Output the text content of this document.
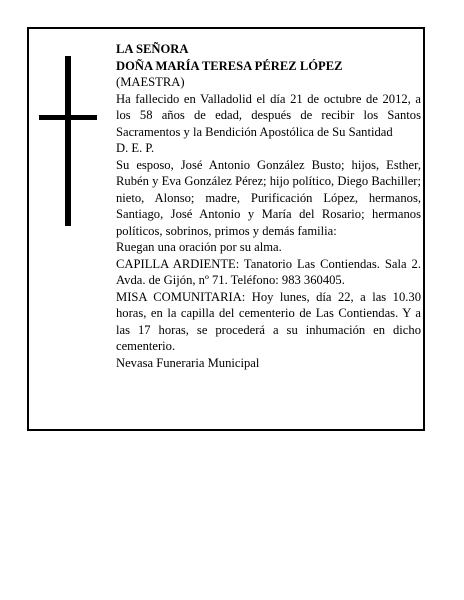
LA SEÑORA

DOÑA MARÍA TERESA PÉREZ LÓPEZ

(MAESTRA)

Ha fallecido en Valladolid el día 21 de octubre de 2012, a los 58 años de edad, después de recibir los Santos Sacramentos y la Bendición Apostólica de Su Santidad

D. E. P.

Su esposo, José Antonio González Busto; hijos, Esther, Rubén y Eva González Pérez; hijo político, Diego Bachiller; nieto, Alonso; madre, Purificación López, hermanos, Santiago, José Antonio y María del Rosario; hermanos políticos, sobrinos, primos y demás familia:

Ruegan una oración por su alma.

CAPILLA ARDIENTE: Tanatorio Las Contiendas. Sala 2. Avda. de Gijón, nº 71. Teléfono: 983 360405.

MISA COMUNITARIA: Hoy lunes, día 22, a las 10.30 horas, en la capilla del cementerio de Las Contiendas. Y a las 17 horas, se procederá a su inhumación en dicho cementerio.

Nevasa Funeraria Municipal
